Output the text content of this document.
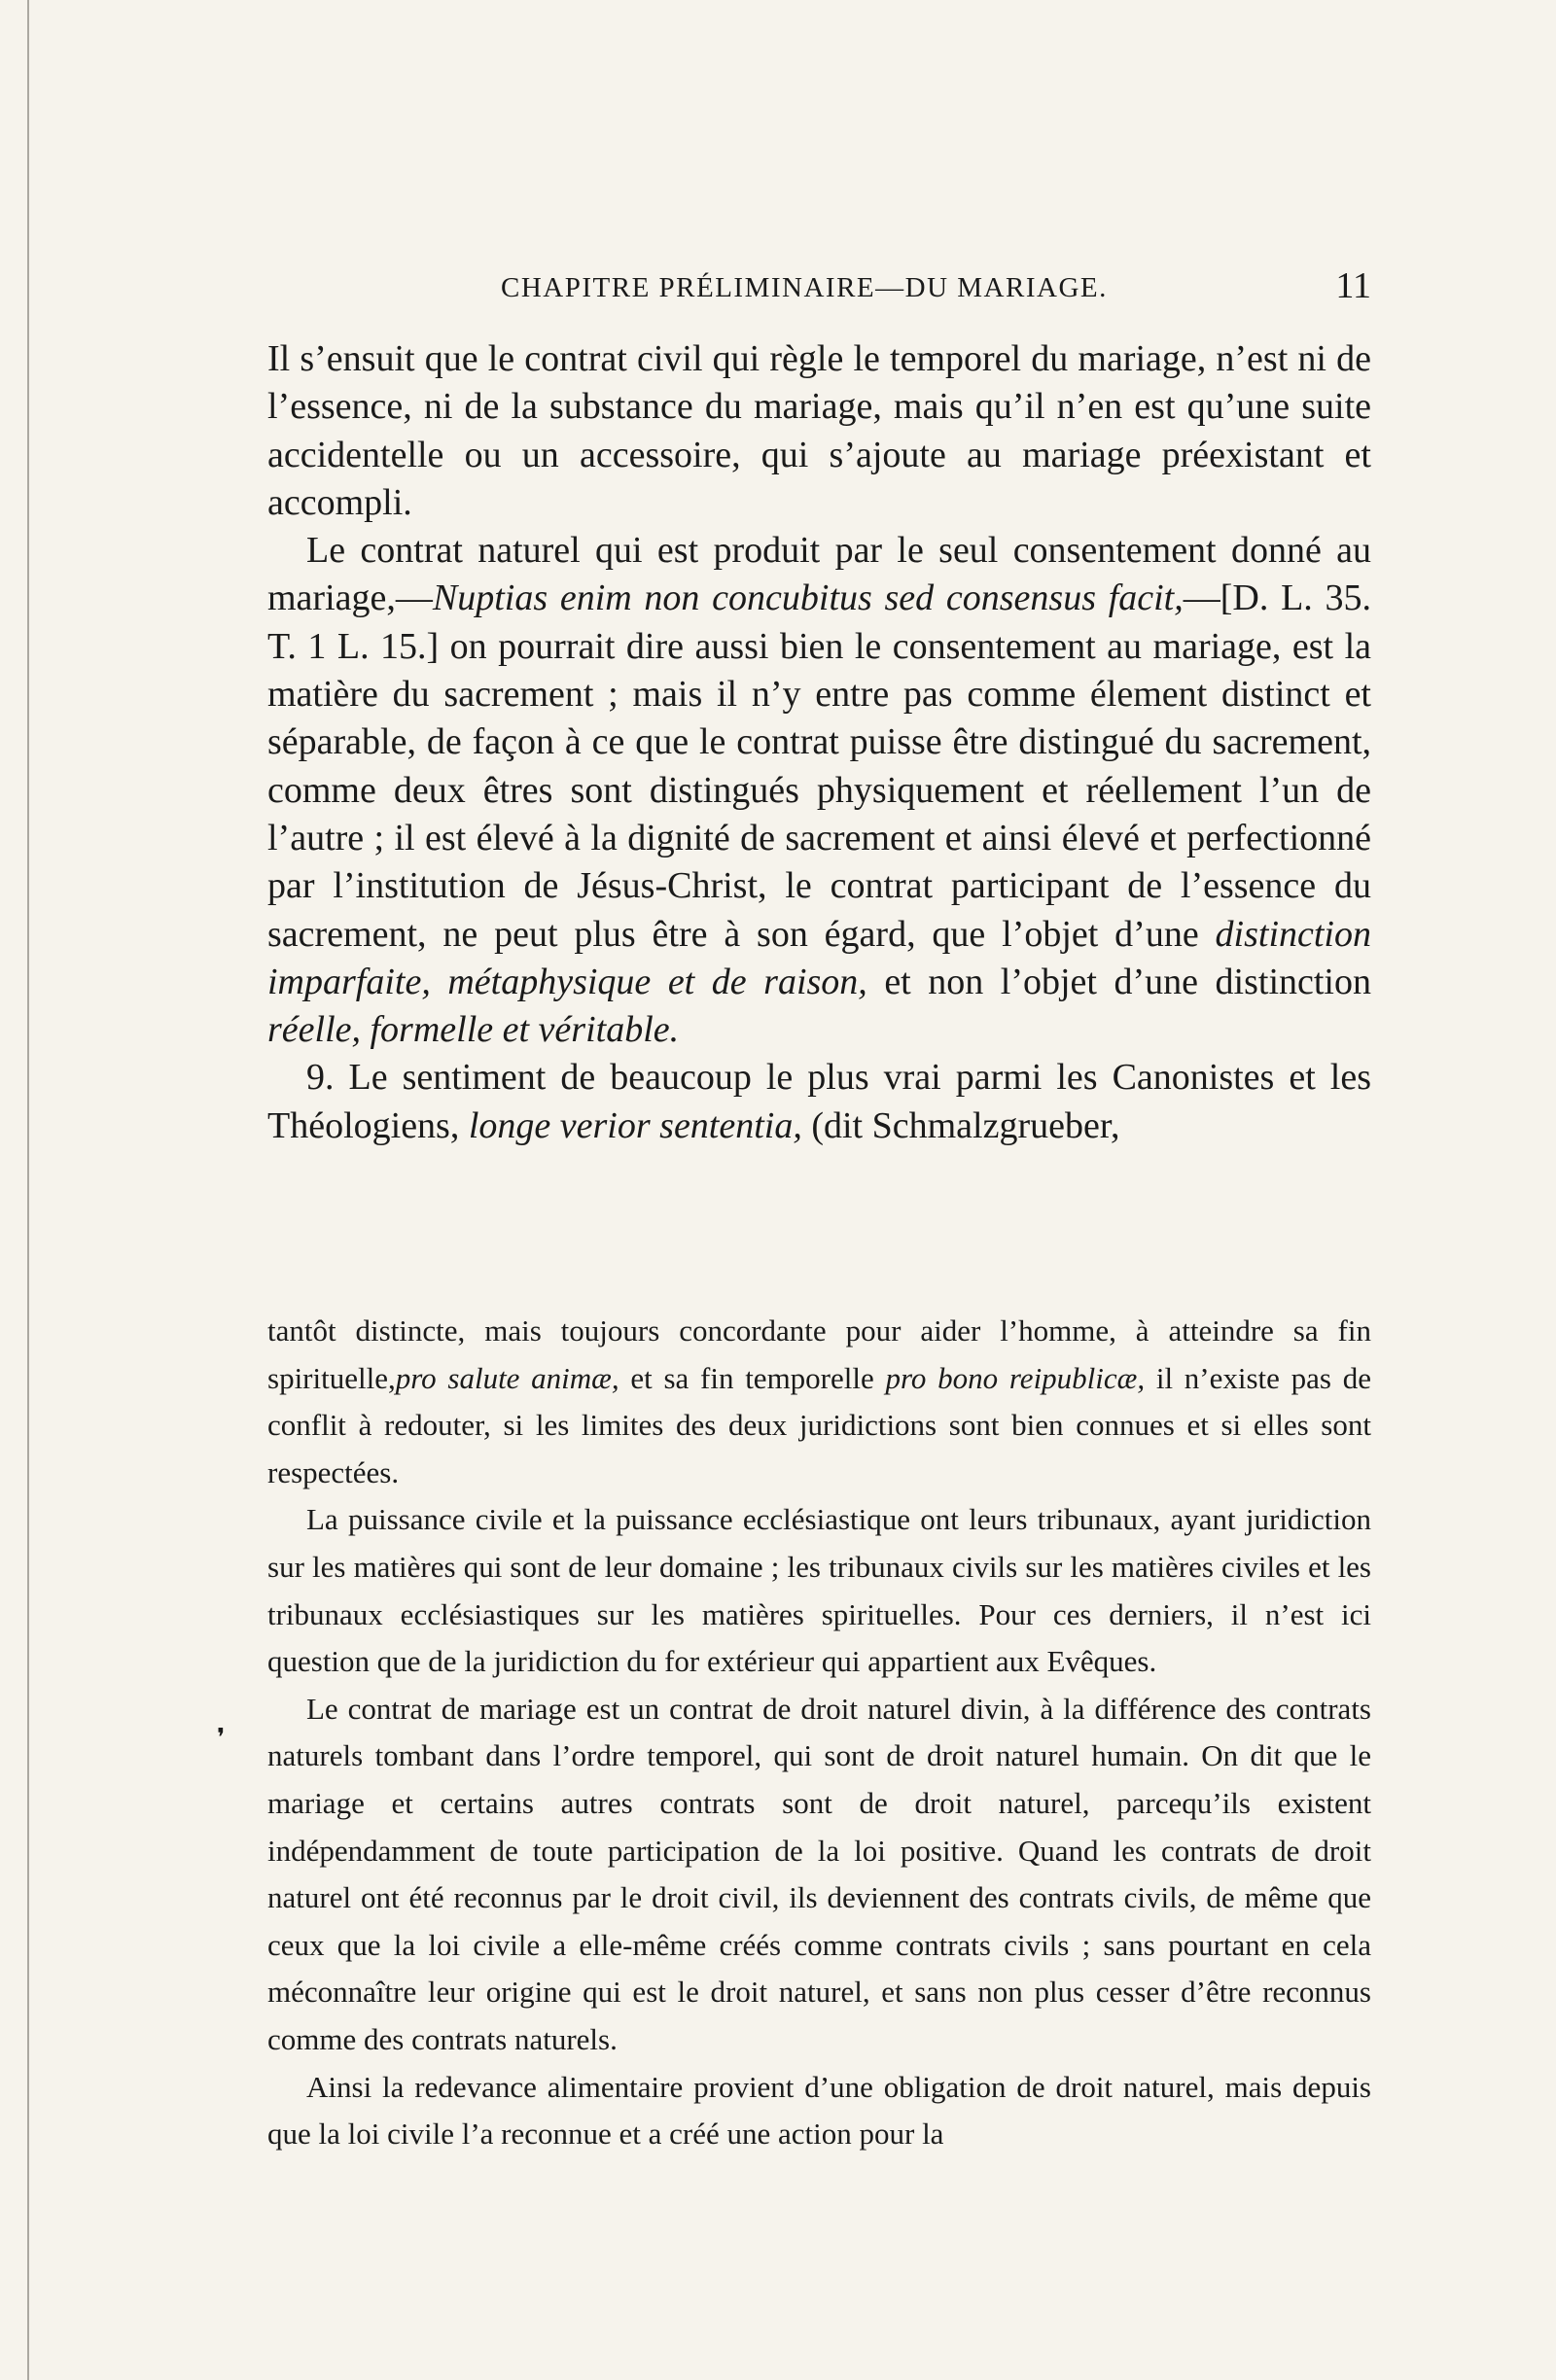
CHAPITRE PRÉLIMINAIRE—DU MARIAGE.	11

Il s’ensuit que le contrat civil qui règle le temporel du mariage, n’est ni de l’essence, ni de la substance du mariage, mais qu’il n’en est qu’une suite accidentelle ou un accessoire, qui s’ajoute au mariage préexistant et accompli.

Le contrat naturel qui est produit par le seul consentement donné au mariage,—Nuptias enim non concubitus sed consensus facit,—[D. L. 35. T. 1 L. 15.] on pourrait dire aussi bien le consentement au mariage, est la matière du sacrement ; mais il n’y entre pas comme élement distinct et séparable, de façon à ce que le contrat puisse être distingué du sacrement, comme deux êtres sont distingués physiquement et réellement l’un de l’autre ; il est élevé à la dignité de sacrement et ainsi élevé et perfectionné par l’institution de Jésus-Christ, le contrat participant de l’essence du sacrement, ne peut plus être à son égard, que l’objet d’une distinction imparfaite, métaphysique et de raison, et non l’objet d’une distinction réelle, formelle et véritable.

9. Le sentiment de beaucoup le plus vrai parmi les Canonistes et les Théologiens, longe verior sententia, (dit Schmalzgrueber,

tantôt distincte, mais toujours concordante pour aider l’homme, à atteindre sa fin spirituelle,pro salute animæ, et sa fin temporelle pro bono reipublicæ, il n’existe pas de conflit à redouter, si les limites des deux juridictions sont bien connues et si elles sont respectées.

La puissance civile et la puissance ecclésiastique ont leurs tribunaux, ayant juridiction sur les matières qui sont de leur domaine ; les tribunaux civils sur les matières civiles et les tribunaux ecclésiastiques sur les matières spirituelles. Pour ces derniers, il n’est ici question que de la juridiction du for extérieur qui appartient aux Evêques.

Le contrat de mariage est un contrat de droit naturel divin, à la différence des contrats naturels tombant dans l’ordre temporel, qui sont de droit naturel humain. On dit que le mariage et certains autres contrats sont de droit naturel, parcequ’ils existent indépendamment de toute participation de la loi positive. Quand les contrats de droit naturel ont été reconnus par le droit civil, ils deviennent des contrats civils, de même que ceux que la loi civile a elle-même créés comme contrats civils ; sans pourtant en cela méconnaître leur origine qui est le droit naturel, et sans non plus cesser d’être reconnus comme des contrats naturels.

Ainsi la redevance alimentaire provient d’une obligation de droit naturel, mais depuis que la loi civile l’a reconnue et a créé une action pour la

❜
